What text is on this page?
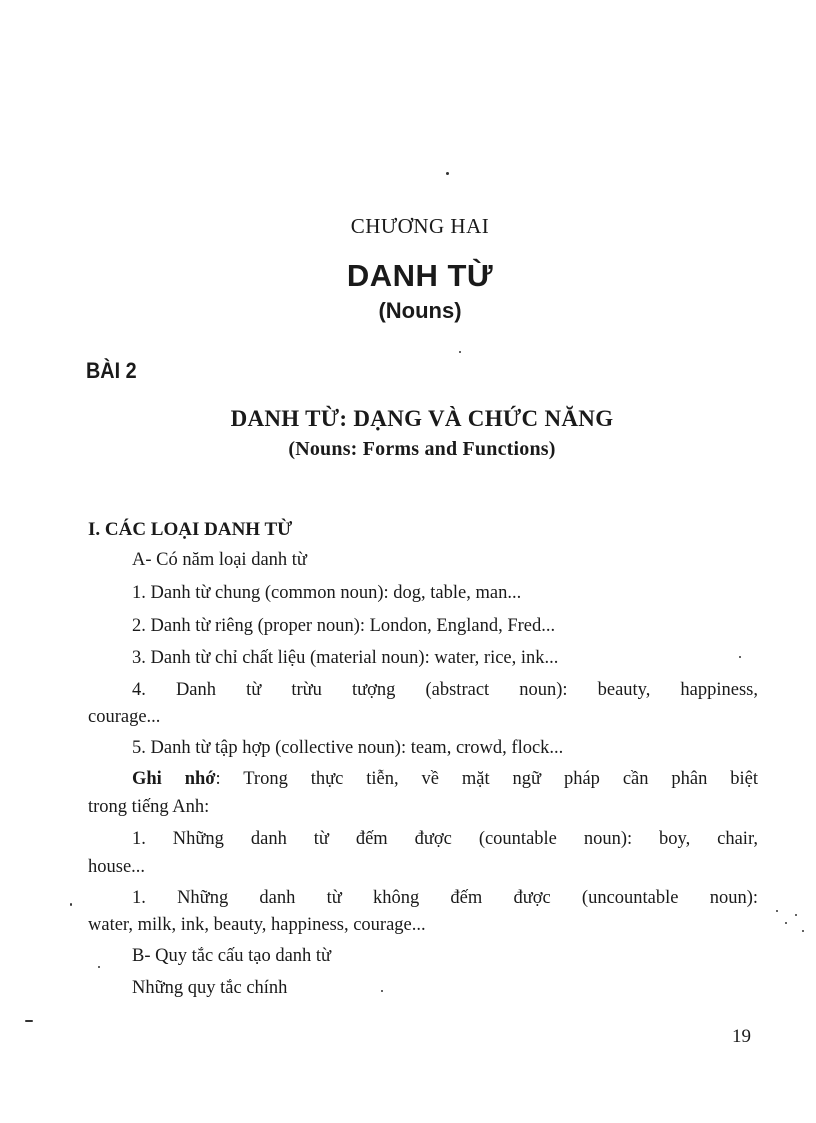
CHƯƠNG HAI
DANH TỪ
(Nouns)
BÀI 2
DANH TỪ: DẠNG VÀ CHỨC NĂNG
(Nouns: Forms and Functions)
I. CÁC LOẠI DANH TỪ
A- Có năm loại danh từ
1. Danh từ chung (common noun): dog, table, man...
2. Danh từ riêng (proper noun): London, England, Fred...
3. Danh từ chỉ chất liệu (material noun): water, rice, ink...
4. Danh từ trừu tượng (abstract noun): beauty, happiness,
courage...
5. Danh từ tập hợp (collective noun): team, crowd, flock...
Ghi nhớ: Trong thực tiễn, về mặt ngữ pháp cần phân biệt
trong tiếng Anh:
1. Những danh từ đếm được (countable noun): boy, chair,
house...
1. Những danh từ không đếm được (uncountable noun):
water, milk, ink, beauty, happiness, courage...
B- Quy tắc cấu tạo danh từ
Những quy tắc chính
19
